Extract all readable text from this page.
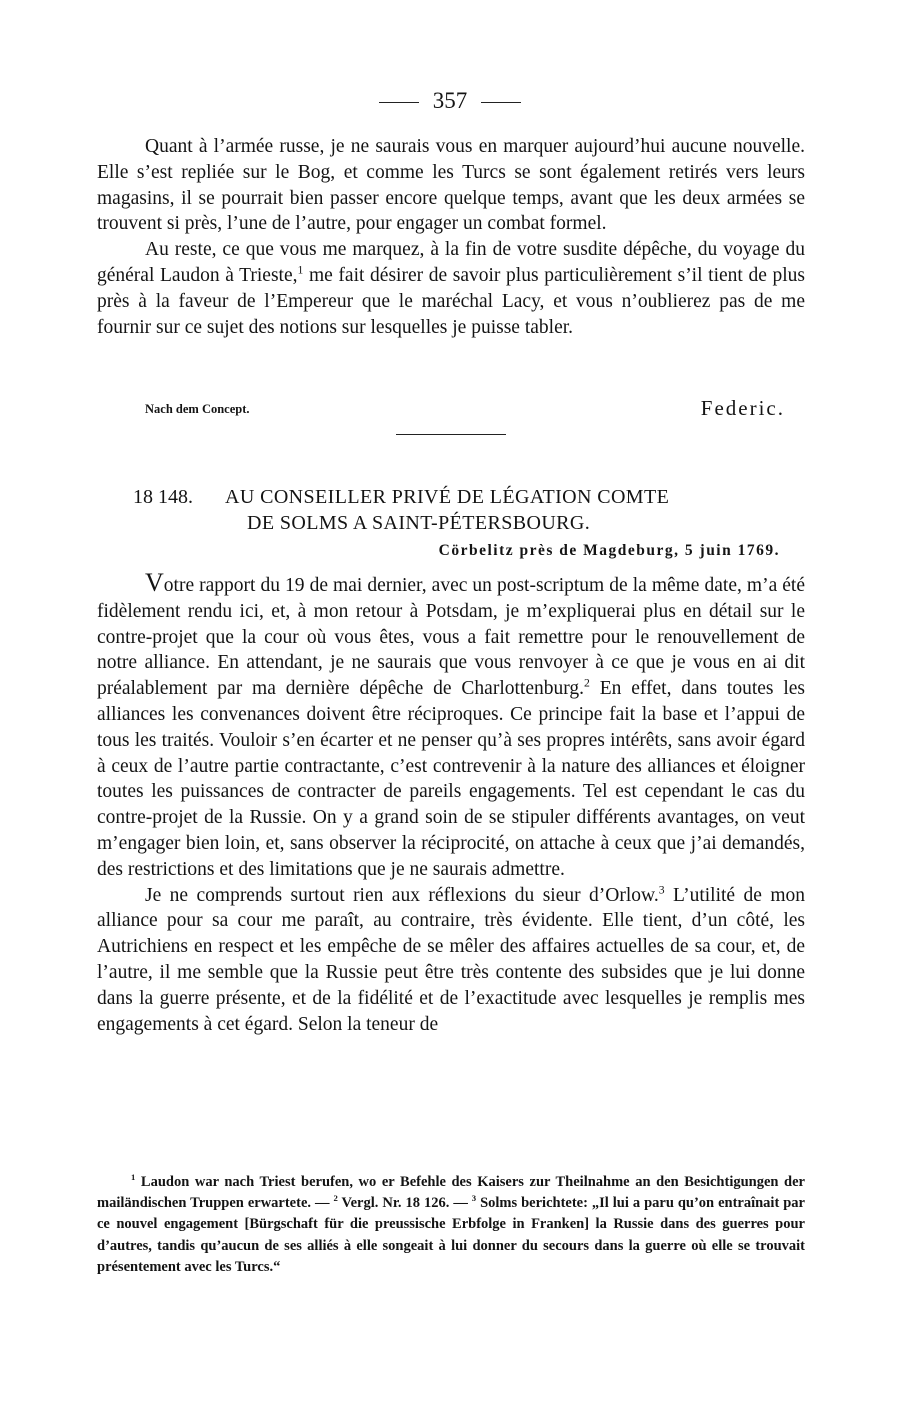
357

Quant à l’armée russe, je ne saurais vous en marquer aujourd’hui aucune nouvelle. Elle s’est repliée sur le Bog, et comme les Turcs se sont également retirés vers leurs magasins, il se pourrait bien passer encore quelque temps, avant que les deux armées se trouvent si près, l’une de l’autre, pour engager un combat formel.

Au reste, ce que vous me marquez, à la fin de votre susdite dépêche, du voyage du général Laudon à Trieste,$^1$ me fait désirer de savoir plus particulièrement s’il tient de plus près à la faveur de l’Empereur que le maréchal Lacy, et vous n’oublierez pas de me fournir sur ce sujet des notions sur lesquelles je puisse tabler.

Nach dem Concept.	Federic.
18 148. AU CONSEILLER PRIVÉ DE LÉGATION COMTE
DE SOLMS A SAINT-PÉTERSBOURG.
Cörbelitz près de Magdeburg, 5 juin 1769.

Votre rapport du 19 de mai dernier, avec un post-scriptum de la même date, m’a été fidèlement rendu ici, et, à mon retour à Potsdam, je m’expliquerai plus en détail sur le contre-projet que la cour où vous êtes, vous a fait remettre pour le renouvellement de notre alliance. En attendant, je ne saurais que vous renvoyer à ce que je vous en ai dit préalablement par ma dernière dépêche de Charlottenburg.$^2$ En effet, dans toutes les alliances les convenances doivent être réciproques. Ce principe fait la base et l’appui de tous les traités. Vouloir s’en écarter et ne penser qu’à ses propres intérêts, sans avoir égard à ceux de l’autre partie contractante, c’est contrevenir à la nature des alliances et éloigner toutes les puissances de contracter de pareils engagements. Tel est cependant le cas du contre-projet de la Russie. On y a grand soin de se stipuler différents avantages, on veut m’engager bien loin, et, sans observer la réciprocité, on attache à ceux que j’ai demandés, des restrictions et des limitations que je ne saurais admettre.

Je ne comprends surtout rien aux réflexions du sieur d’Orlow.$^3$ L’utilité de mon alliance pour sa cour me paraît, au contraire, très évidente. Elle tient, d’un côté, les Autrichiens en respect et les empêche de se mêler des affaires actuelles de sa cour, et, de l’autre, il me semble que la Russie peut être très contente des subsides que je lui donne dans la guerre présente, et de la fidélité et de l’exactitude avec lesquelles je remplis mes engagements à cet égard. Selon la teneur de

$^1$ Laudon war nach Triest berufen, wo er Befehle des Kaisers zur Theilnahme an den Besichtigungen der mailändischen Truppen erwartete. — $^2$ Vergl. Nr. 18 126. — $^3$ Solms berichtete: „Il lui a paru qu’on entraînait par ce nouvel engagement [Bürgschaft für die preussische Erbfolge in Franken] la Russie dans des guerres pour d’autres, tandis qu’aucun de ses alliés à elle songeait à lui donner du secours dans la guerre où elle se trouvait présentement avec les Turcs.“
